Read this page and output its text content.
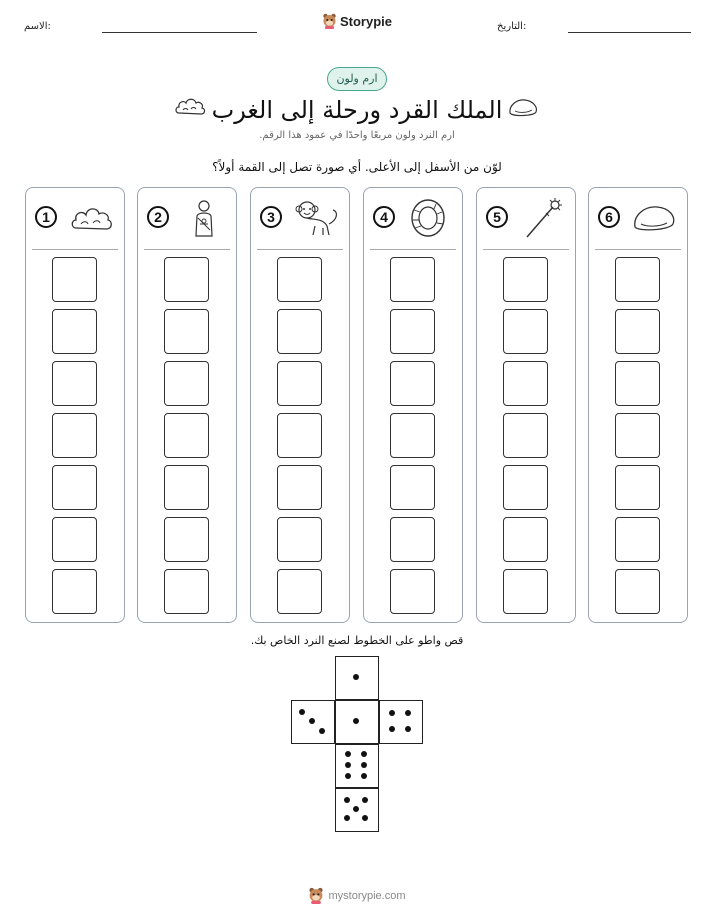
الاسم:	Storypie	التاريخ:
ارم ولون
الملك القرد ورحلة إلى الغرب
ارم النرد ولون مربعًا واحدًا في عمود هذا الرقم.
لوّن من الأسفل إلى الأعلى. أي صورة تصل إلى القمة أولاً؟
1	2	3	4	5	6
قص واطو على الخطوط لصنع النرد الخاص بك.
mystorypie.com
